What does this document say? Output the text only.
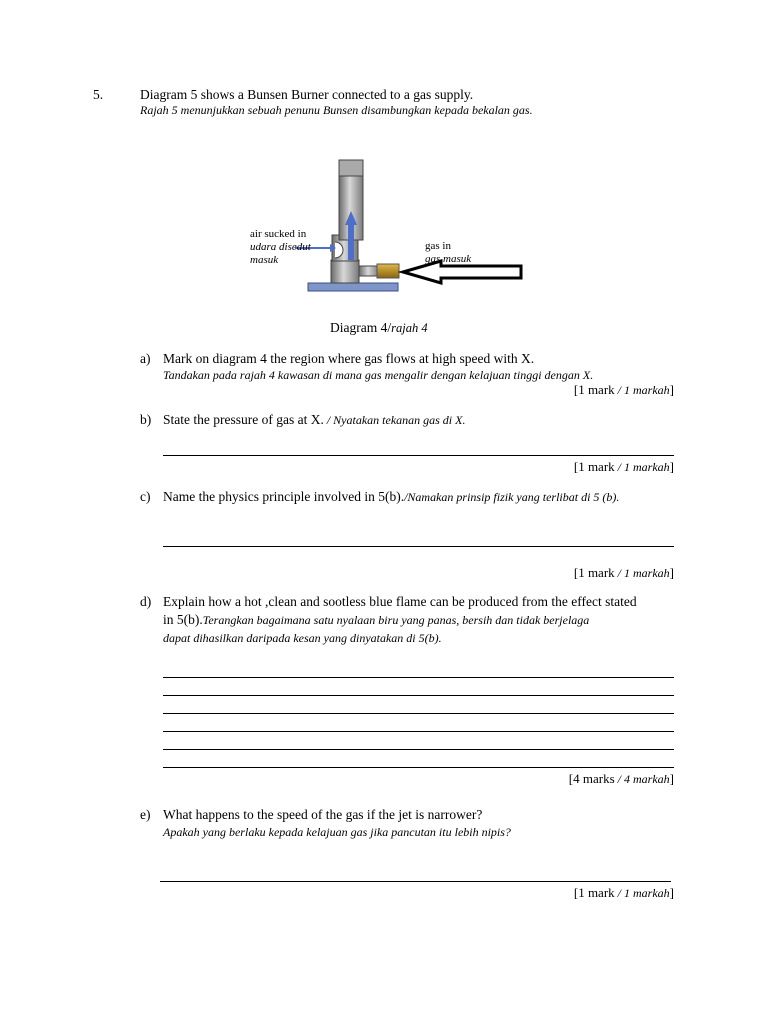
5.	Diagram 5 shows a Bunsen Burner connected to a gas supply.
Rajah 5 menunjukkan sebuah penunu Bunsen disambungkan kepada bekalan gas.
air sucked in
udara disedut
masuk
gas in
gas masuk
Diagram 4/rajah 4
a) Mark on diagram 4 the region where gas flows at high speed with X.
Tandakan pada rajah 4 kawasan di mana gas mengalir dengan kelajuan tinggi dengan X.
[1 mark / 1 markah]
b) State the pressure of gas at X. / Nyatakan tekanan gas di X.
[1 mark / 1 markah]
c) Name the physics principle involved in 5(b)./Namakan prinsip fizik yang terlibat di 5 (b).
[1 mark / 1 markah]
d) Explain how a hot ,clean and sootless blue flame can be produced from the effect stated
in 5(b).Terangkan bagaimana satu nyalaan biru yang panas, bersih dan tidak berjelaga
dapat dihasilkan daripada kesan yang dinyatakan di 5(b).
[4 marks / 4 markah]
e) What happens to the speed of the gas if the jet is narrower?
Apakah yang berlaku kepada kelajuan gas jika pancutan itu lebih nipis?
[1 mark / 1 markah]
